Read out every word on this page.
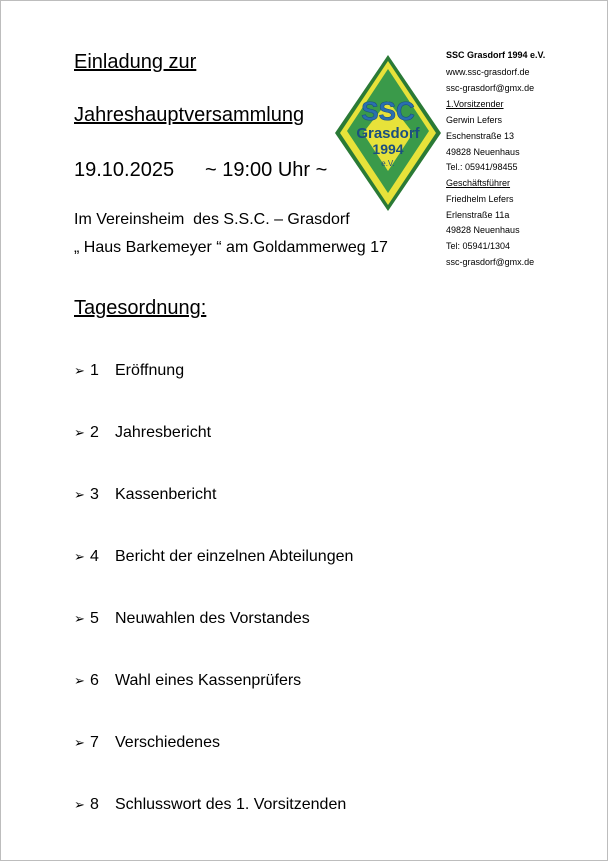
Einladung zur
Jahreshauptversammlung
19.10.2025 ~ 19:00 Uhr ~
Im Vereinsheim  des S.S.C. – Grasdorf
„ Haus Barkemeyer “ am Goldammerweg 17
SSC
Grasdorf
1994
e.V.
SSC Grasdorf 1994 e.V.
www.ssc-grasdorf.de
ssc-grasdorf@gmx.de
1.Vorsitzender
Gerwin Lefers
Eschenstraße 13
49828 Neuenhaus
Tel.: 05941/98455
Geschäftsführer
Friedhelm Lefers
Erlenstraße 11a
49828 Neuenhaus
Tel: 05941/1304
ssc-grasdorf@gmx.de
Tagesordnung:
➢ 1 Eröffnung
➢ 2 Jahresbericht
➢ 3 Kassenbericht
➢ 4 Bericht der einzelnen Abteilungen
➢ 5 Neuwahlen des Vorstandes
➢ 6 Wahl eines Kassenprüfers
➢ 7 Verschiedenes
➢ 8 Schlusswort des 1. Vorsitzenden
